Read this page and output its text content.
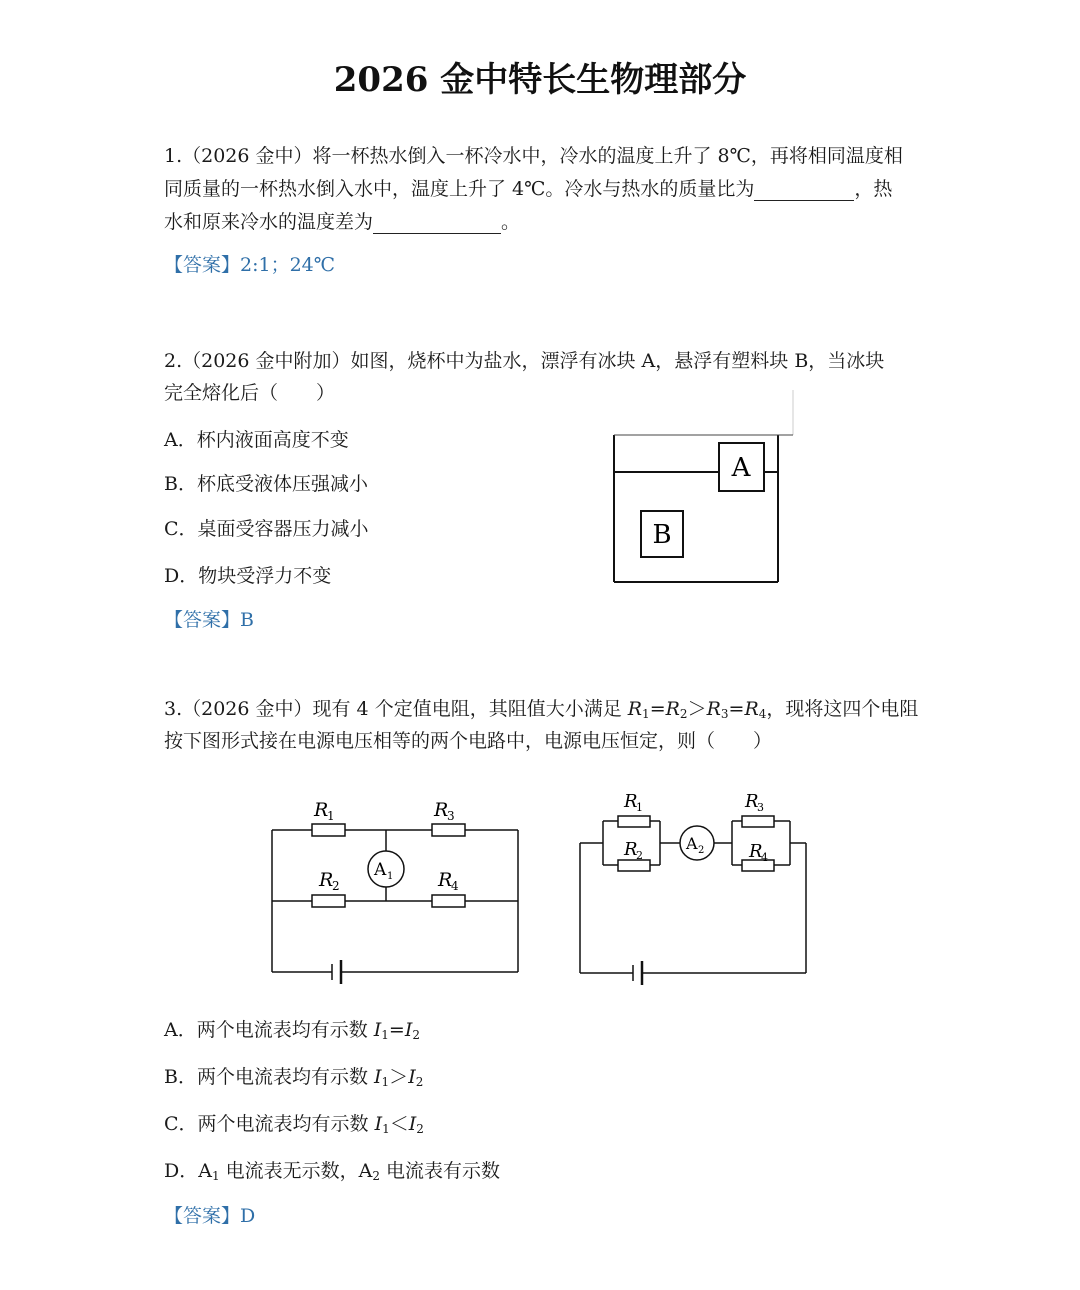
2026 金中特长生物理部分
1.（2026 金中）将一杯热水倒入一杯冷水中，冷水的温度上升了 8℃，再将相同温度相
同质量的一杯热水倒入水中，温度上升了 4℃。冷水与热水的质量比为	，热
水和原来冷水的温度差为	。
【答案】2:1；24℃
2.（2026 金中附加）如图，烧杯中为盐水，漂浮有冰块 A，悬浮有塑料块 B，当冰块
完全熔化后（　　）
A．杯内液面高度不变
B．杯底受液体压强减小
C．桌面受容器压力减小
D．物块受浮力不变
【答案】B
A
B
3.（2026 金中）现有 4 个定值电阻，其阻值大小满足 $R_1=R_2>R_3=R_4$，现将这四个电阻
按下图形式接在电源电压相等的两个电路中，电源电压恒定，则（　　）
R
1	R
3
R
2	R
4
A 1
R
1
R
2
R
3
R
4
A 2
A．两个电流表均有示数 $I_1=I_2$
B．两个电流表均有示数 $I_1>I_2$
C．两个电流表均有示数 $I_1<I_2$
D．$A_1$ 电流表无示数，$A_2$ 电流表有示数
【答案】D
